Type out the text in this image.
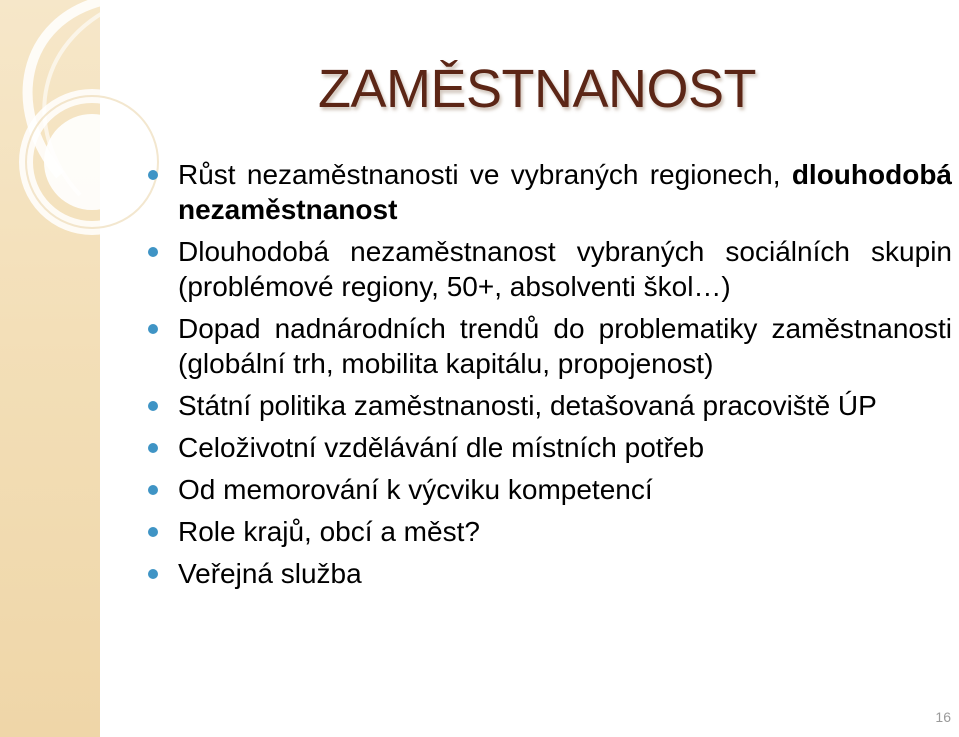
ZAMĚSTNANOST
Růst nezaměstnanosti ve vybraných regionech, dlouhodobá nezaměstnanost
Dlouhodobá nezaměstnanost vybraných sociálních skupin (problémové regiony, 50+, absolventi škol…)
Dopad nadnárodních trendů do problematiky zaměstnanosti (globální trh, mobilita kapitálu, propojenost)
Státní politika zaměstnanosti, detašovaná pracoviště ÚP
Celoživotní vzdělávání dle místních potřeb
Od memorování k výcviku kompetencí
Role krajů, obcí a měst?
Veřejná služba
16
